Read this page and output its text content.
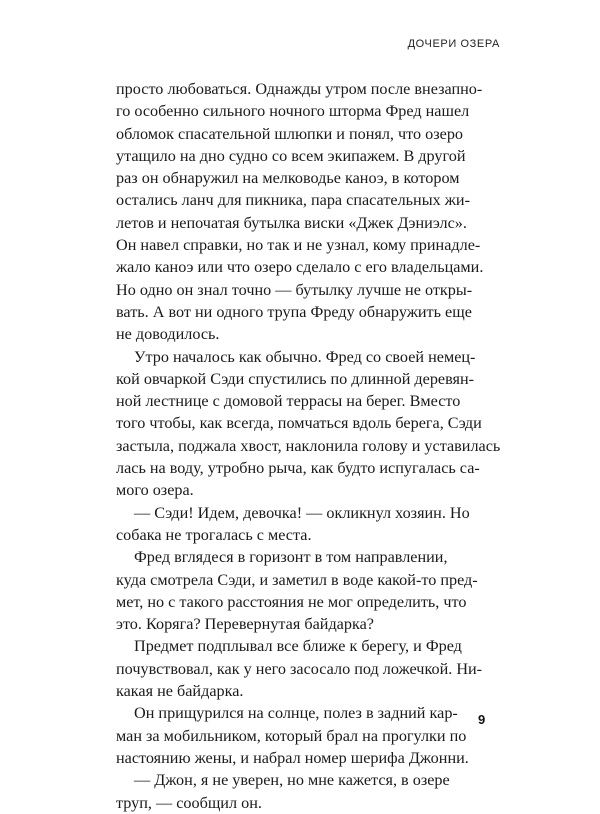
ДОЧЕРИ ОЗЕРА
просто любоваться. Однажды утром после внезапно-
го особенно сильного ночного шторма Фред нашел
обломок спасательной шлюпки и понял, что озеро
утащило на дно судно со всем экипажем. В другой
раз он обнаружил на мелководье каноэ, в котором
остались ланч для пикника, пара спасательных жи-
летов и непочатая бутылка виски «Джек Дэниэлс».
Он навел справки, но так и не узнал, кому принадле-
жало каноэ или что озеро сделало с его владельцами.
Но одно он знал точно — бутылку лучше не откры-
вать. А вот ни одного трупа Фреду обнаружить еще
не доводилось.
Утро началось как обычно. Фред со своей немец-
кой овчаркой Сэди спустились по длинной деревян-
ной лестнице с домовой террасы на берег. Вместо
того чтобы, как всегда, помчаться вдоль берега, Сэди
застыла, поджала хвост, наклонила голову и уставилась
лась на воду, утробно рыча, как будто испугалась са-
мого озера.
— Сэди! Идем, девочка! — окликнул хозяин. Но
собака не трогалась с места.
Фред вглядеся в горизонт в том направлении,
куда смотрела Сэди, и заметил в воде какой-то пред-
мет, но с такого расстояния не мог определить, что
это. Коряга? Перевернутая байдарка?
Предмет подплывал все ближе к берегу, и Фред
почувствовал, как у него засосало под ложечкой. Ни-
какая не байдарка.
Он прищурился на солнце, полез в задний кар-
ман за мобильником, который брал на прогулки по
настоянию жены, и набрал номер шерифа Джонни.
— Джон, я не уверен, но мне кажется, в озере
труп, — сообщил он.
9
